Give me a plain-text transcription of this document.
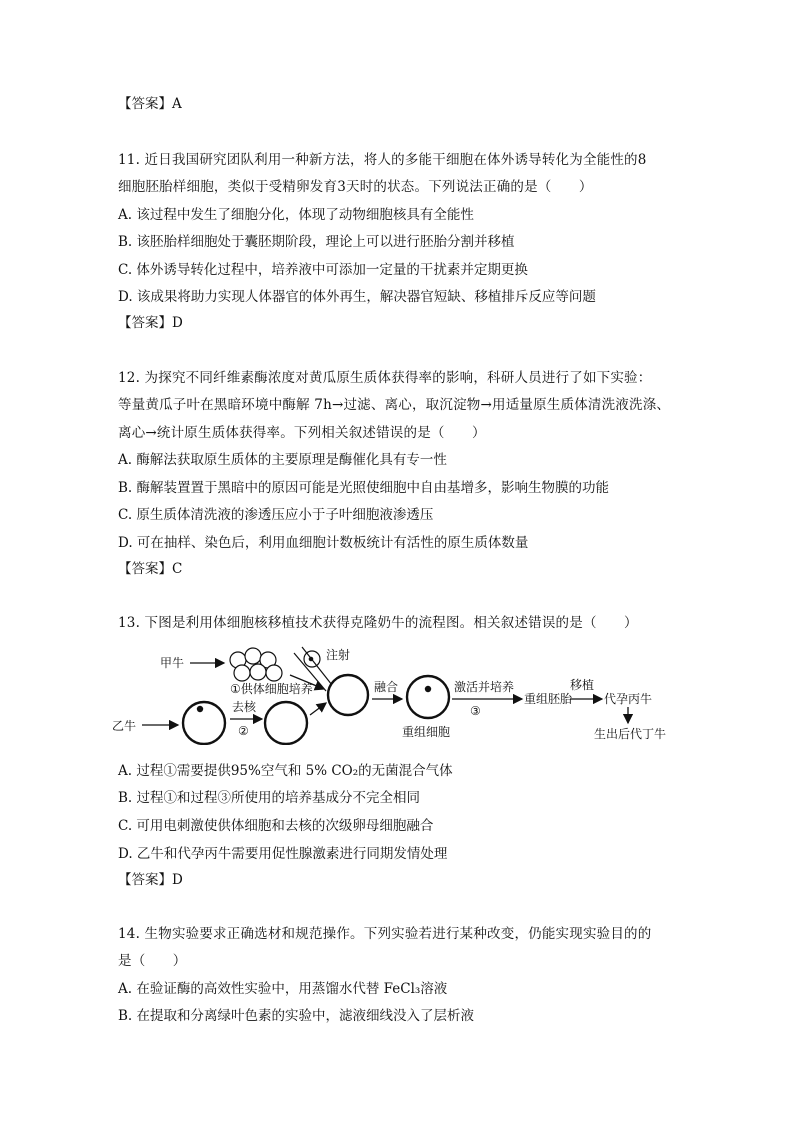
【答案】A
11. 近日我国研究团队利用一种新方法，将人的多能干细胞在体外诱导转化为全能性的8
细胞胚胎样细胞，类似于受精卵发育3天时的状态。下列说法正确的是（　　）
A. 该过程中发生了细胞分化，体现了动物细胞核具有全能性
B. 该胚胎样细胞处于囊胚期阶段，理论上可以进行胚胎分割并移植
C. 体外诱导转化过程中，培养液中可添加一定量的干扰素并定期更换
D. 该成果将助力实现人体器官的体外再生，解决器官短缺、移植排斥反应等问题
【答案】D
12. 为探究不同纤维素酶浓度对黄瓜原生质体获得率的影响，科研人员进行了如下实验：
等量黄瓜子叶在黑暗环境中酶解 7h→过滤、离心，取沉淀物→用适量原生质体清洗液洗涤、
离心→统计原生质体获得率。下列相关叙述错误的是（　　）
A. 酶解法获取原生质体的主要原理是酶催化具有专一性
B. 酶解装置置于黑暗中的原因可能是光照使细胞中自由基增多，影响生物膜的功能
C. 原生质体清洗液的渗透压应小于子叶细胞液渗透压
D. 可在抽样、染色后，利用血细胞计数板统计有活性的原生质体数量
【答案】C
13. 下图是利用体细胞核移植技术获得克隆奶牛的流程图。相关叙述错误的是（　　）
甲牛
①供体细胞培养
注射
乙牛
去核
②
融合
重组细胞
激活并培养
③
重组胚胎
移植
代孕丙牛
生出后代丁牛
A. 过程①需要提供95%空气和 5% CO₂的无菌混合气体
B. 过程①和过程③所使用的培养基成分不完全相同
C. 可用电刺激使供体细胞和去核的次级卵母细胞融合
D. 乙牛和代孕丙牛需要用促性腺激素进行同期发情处理
【答案】D
14. 生物实验要求正确选材和规范操作。下列实验若进行某种改变，仍能实现实验目的的
是（　　）
A. 在验证酶的高效性实验中，用蒸馏水代替 FeCl₃溶液
B. 在提取和分离绿叶色素的实验中，滤液细线没入了层析液
